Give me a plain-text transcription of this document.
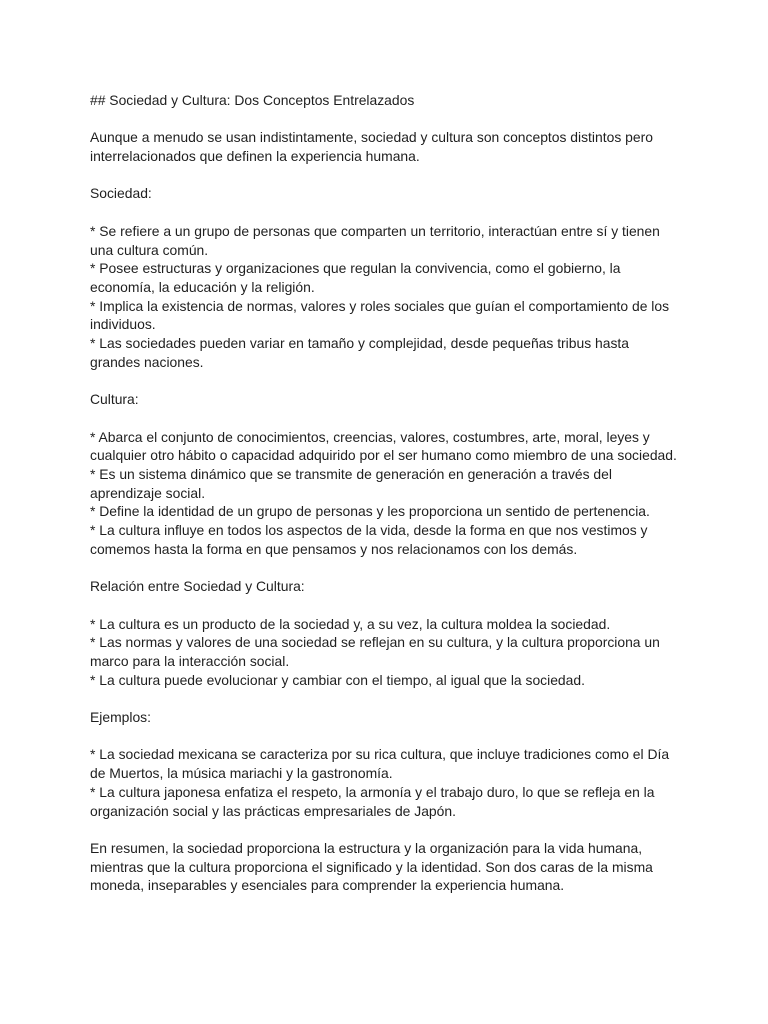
## Sociedad y Cultura: Dos Conceptos Entrelazados

Aunque a menudo se usan indistintamente, sociedad y cultura son conceptos distintos pero
interrelacionados que definen la experiencia humana.

Sociedad:

* Se refiere a un grupo de personas que comparten un territorio, interactúan entre sí y tienen
una cultura común.
* Posee estructuras y organizaciones que regulan la convivencia, como el gobierno, la
economía, la educación y la religión.
* Implica la existencia de normas, valores y roles sociales que guían el comportamiento de los
individuos.
* Las sociedades pueden variar en tamaño y complejidad, desde pequeñas tribus hasta
grandes naciones.

Cultura:

* Abarca el conjunto de conocimientos, creencias, valores, costumbres, arte, moral, leyes y
cualquier otro hábito o capacidad adquirido por el ser humano como miembro de una sociedad.
* Es un sistema dinámico que se transmite de generación en generación a través del
aprendizaje social.
* Define la identidad de un grupo de personas y les proporciona un sentido de pertenencia.
* La cultura influye en todos los aspectos de la vida, desde la forma en que nos vestimos y
comemos hasta la forma en que pensamos y nos relacionamos con los demás.

Relación entre Sociedad y Cultura:

* La cultura es un producto de la sociedad y, a su vez, la cultura moldea la sociedad.
* Las normas y valores de una sociedad se reflejan en su cultura, y la cultura proporciona un
marco para la interacción social.
* La cultura puede evolucionar y cambiar con el tiempo, al igual que la sociedad.

Ejemplos:

* La sociedad mexicana se caracteriza por su rica cultura, que incluye tradiciones como el Día
de Muertos, la música mariachi y la gastronomía.
* La cultura japonesa enfatiza el respeto, la armonía y el trabajo duro, lo que se refleja en la
organización social y las prácticas empresariales de Japón.

En resumen, la sociedad proporciona la estructura y la organización para la vida humana,
mientras que la cultura proporciona el significado y la identidad. Son dos caras de la misma
moneda, inseparables y esenciales para comprender la experiencia humana.
